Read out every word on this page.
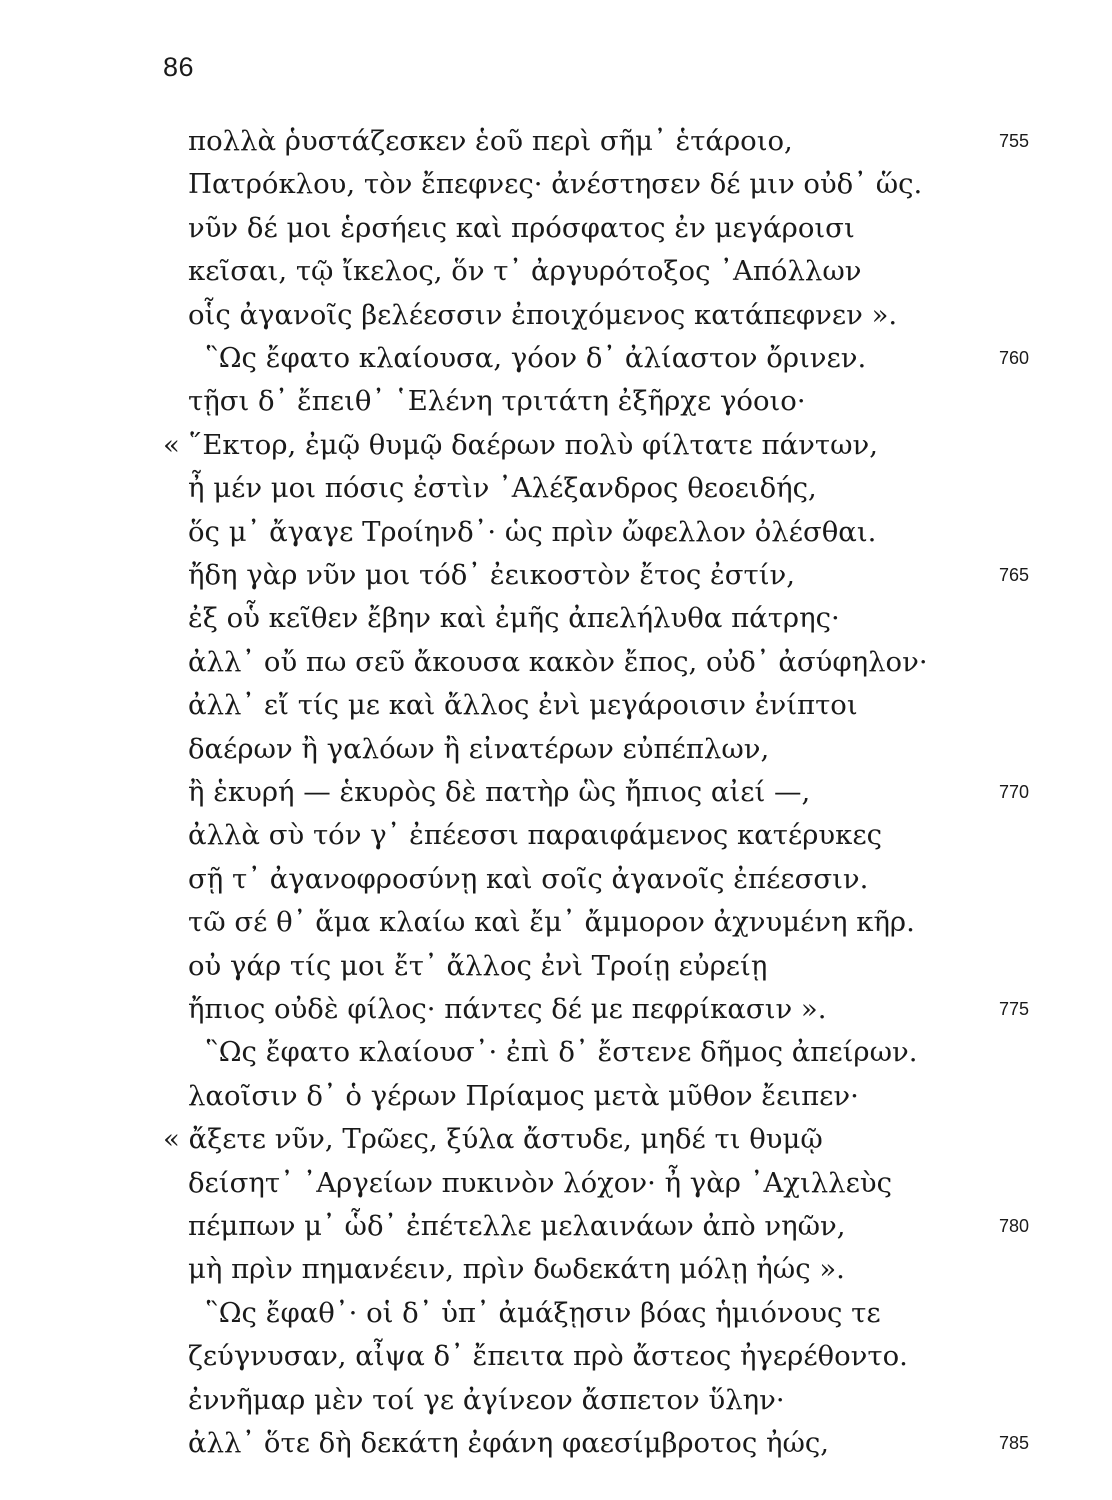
86
πολλὰ ῥυστάζεσκεν ἑοῦ περὶ σῆμ᾽ ἑτάροιο,	755
Πατρόκλου, τὸν ἔπεφνες· ἀνέστησεν δέ μιν οὐδ᾽ ὥς.
νῦν δέ μοι ἑρσήεις καὶ πρόσφατος ἐν μεγάροισι
κεῖσαι, τῷ ἴκελος, ὅν τ᾽ ἀργυρότοξος ᾽Απόλλων
οἷς ἀγανοῖς βελέεσσιν ἐποιχόμενος κατάπεφνεν ».
῝Ως ἔφατο κλαίουσα, γόον δ᾽ ἀλίαστον ὄρινεν.	760
τῇσι δ᾽ ἔπειθ᾽ ῾Ελένη τριτάτη ἐξῆρχε γόοιο·
« ῞Εκτορ, ἐμῷ θυμῷ δαέρων πολὺ φίλτατε πάντων,
ἦ μέν μοι πόσις ἐστὶν ᾽Αλέξανδρος θεοειδής,
ὅς μ᾽ ἄγαγε Τροίηνδ᾽· ὡς πρὶν ὤφελλον ὀλέσθαι.
ἤδη γὰρ νῦν μοι τόδ᾽ ἐεικοστὸν ἔτος ἐστίν,	765
ἐξ οὗ κεῖθεν ἔβην καὶ ἐμῆς ἀπελήλυθα πάτρης·
ἀλλ᾽ οὔ πω σεῦ ἄκουσα κακὸν ἔπος, οὐδ᾽ ἀσύφηλον·
ἀλλ᾽ εἴ τίς με καὶ ἄλλος ἐνὶ μεγάροισιν ἐνίπτοι
δαέρων ἢ γαλόων ἢ εἰνατέρων εὐπέπλων,
ἢ ἑκυρή — ἑκυρὸς δὲ πατὴρ ὣς ἤπιος αἰεί —,	770
ἀλλὰ σὺ τόν γ᾽ ἐπέεσσι παραιφάμενος κατέρυκες
σῇ τ᾽ ἀγανοφροσύνῃ καὶ σοῖς ἀγανοῖς ἐπέεσσιν.
τῶ σέ θ᾽ ἅμα κλαίω καὶ ἔμ᾽ ἄμμορον ἀχνυμένη κῆρ.
οὐ γάρ τίς μοι ἔτ᾽ ἄλλος ἐνὶ Τροίῃ εὐρείῃ
ἤπιος οὐδὲ φίλος· πάντες δέ με πεφρίκασιν ».	775
῝Ως ἔφατο κλαίουσ᾽· ἐπὶ δ᾽ ἔστενε δῆμος ἀπείρων.
λαοῖσιν δ᾽ ὁ γέρων Πρίαμος μετὰ μῦθον ἔειπεν·
« ἄξετε νῦν, Τρῶες, ξύλα ἄστυδε, μηδέ τι θυμῷ
δείσητ᾽ ᾽Αργείων πυκινὸν λόχον· ἦ γὰρ ᾽Αχιλλεὺς
πέμπων μ᾽ ὧδ᾽ ἐπέτελλε μελαινάων ἀπὸ νηῶν,	780
μὴ πρὶν πημανέειν, πρὶν δωδεκάτη μόλῃ ἠώς ».
῝Ως ἔφαθ᾽· οἱ δ᾽ ὑπ᾽ ἀμάξῃσιν βόας ἡμιόνους τε
ζεύγνυσαν, αἶψα δ᾽ ἔπειτα πρὸ ἄστεος ἠγερέθοντο.
ἐννῆμαρ μὲν τοί γε ἀγίνεον ἄσπετον ὕλην·
ἀλλ᾽ ὅτε δὴ δεκάτη ἐφάνη φαεσίμβροτος ἠώς,	785
